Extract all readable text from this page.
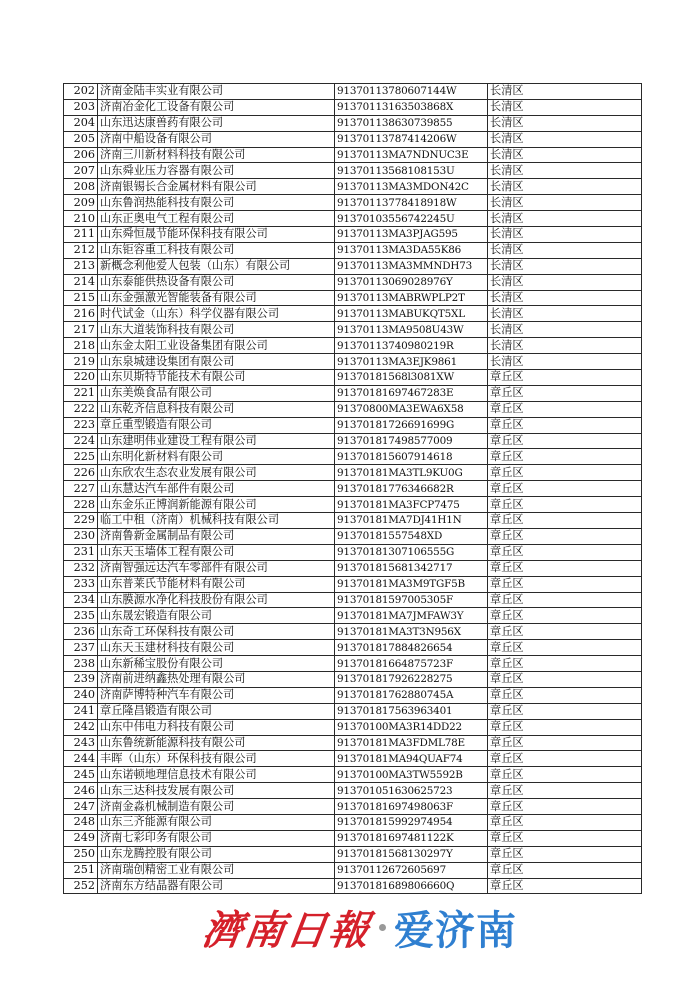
202	济南金陆丰实业有限公司	91370113780607144W	长清区
203	济南冶金化工设备有限公司	91370113163503868X	长清区
204	山东迅达康兽药有限公司	913701138630739855	长清区
205	济南中船设备有限公司	91370113787414206W	长清区
206	济南三川新材料科技有限公司	91370113MA7NDNUC3E	长清区
207	山东舜业压力容器有限公司	91370113568108153U	长清区
208	济南银锡长合金属材料有限公司	91370113MA3MDON42C	长清区
209	山东鲁润热能科技有限公司	91370113778418918W	长清区
210	山东正奥电气工程有限公司	91370103556742245U	长清区
211	山东舜恒晟节能环保科技有限公司	91370113MA3PJAG595	长清区
212	山东钜容重工科技有限公司	91370113MA3DA55K86	长清区
213	新概念利他爱人包装（山东）有限公司	91370113MA3MMNDH73	长清区
214	山东泰能供热设备有限公司	91370113069028976Y	长清区
215	山东金强激光智能装备有限公司	91370113MABRWPLP2T	长清区
216	时代试金（山东）科学仪器有限公司	91370113MABUKQT5XL	长清区
217	山东大道装饰科技有限公司	91370113MA9508U43W	长清区
218	山东金太阳工业设备集团有限公司	91370113740980219R	长清区
219	山东泉城建设集团有限公司	91370113MA3EJK9861	长清区
220	山东贝斯特节能技术有限公司	91370181568l3081XW	章丘区
221	山东美焕食品有限公司	91370181697467283E	章丘区
222	山东乾齐信息科技有限公司	91370800MA3EWA6X58	章丘区
223	章丘重型锻造有限公司	91370181726691699G	章丘区
224	山东建明伟业建设工程有限公司	913701817498577009	章丘区
225	山东明化新材料有限公司	913701815607914618	章丘区
226	山东欣农生态农业发展有限公司	91370181MA3TL9KU0G	章丘区
227	山东慧达汽车部件有限公司	91370181776346682R	章丘区
228	山东金乐正博润新能源有限公司	91370181MA3FCP7475	章丘区
229	临工中租（济南）机械科技有限公司	91370181MA7DJ41H1N	章丘区
230	济南鲁新金属制品有限公司	91370181557548XD	章丘区
231	山东天玉墙体工程有限公司	91370181307106555G	章丘区
232	济南智强远达汽车零部件有限公司	913701815681342717	章丘区
233	山东普莱氏节能材料有限公司	91370181MA3M9TGF5B	章丘区
234	山东膜源水净化科技股份有限公司	91370181597005305F	章丘区
235	山东晟宏锻造有限公司	91370181MA7JMFAW3Y	章丘区
236	山东奇工环保科技有限公司	91370181MA3T3N956X	章丘区
237	山东天玉建材科技有限公司	913701817884826654	章丘区
238	山东新稀宝股份有限公司	91370181664875723F	章丘区
239	济南前进纳鑫热处理有限公司	913701817926228275	章丘区
240	济南萨博特种汽车有限公司	91370181762880745A	章丘区
241	章丘隆昌锻造有限公司	913701817563963401	章丘区
242	山东中伟电力科技有限公司	91370100MA3R14DD22	章丘区
243	山东鲁统新能源科技有限公司	91370181MA3FDML78E	章丘区
244	丰晖（山东）环保科技有限公司	91370181MA94QUAF74	章丘区
245	山东诺顿地理信息技术有限公司	91370100MA3TW5592B	章丘区
246	山东三达科技发展有限公司	913701051630625723	章丘区
247	济南金淼机械制造有限公司	91370181697498063F	章丘区
248	山东三齐能源有限公司	913701815992974954	章丘区
249	济南七彩印务有限公司	91370181697481122K	章丘区
250	山东龙腾控股有限公司	91370181568130297Y	章丘区
251	济南瑞创精密工业有限公司	91370112672605697	章丘区
252	济南东方结晶器有限公司	91370181689806660Q	章丘区
濟南日報 爱济南
